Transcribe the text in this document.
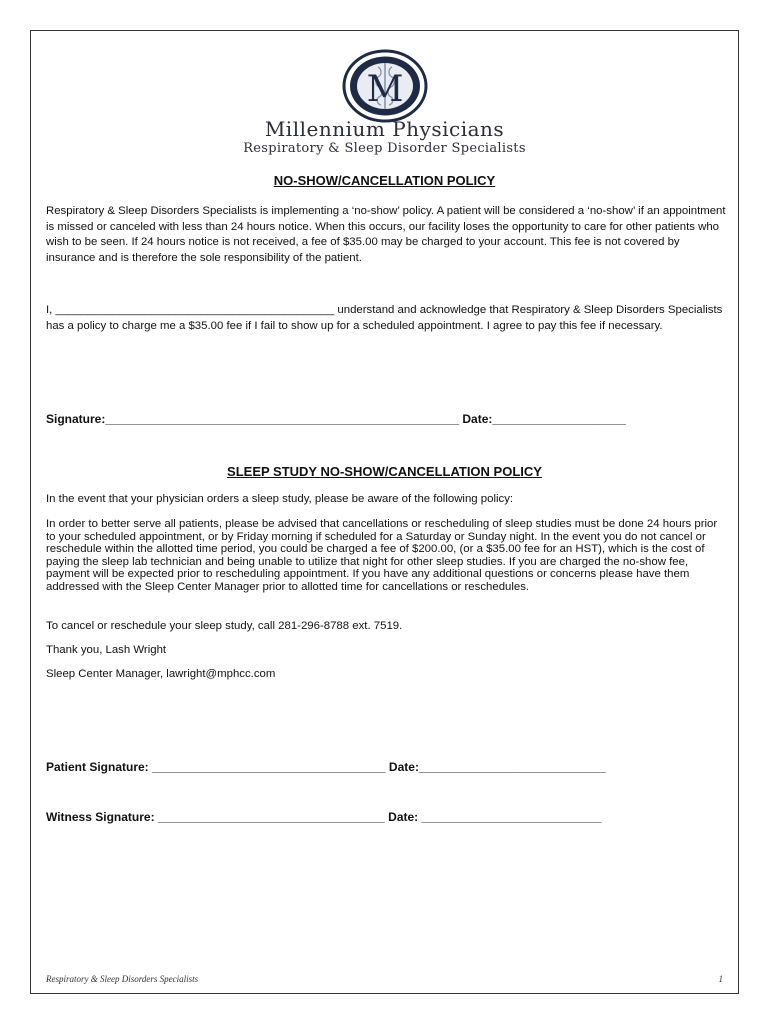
M
Millennium Physicians
Respiratory & Sleep Disorder Specialists
NO-SHOW/CANCELLATION POLICY

Respiratory & Sleep Disorders Specialists is implementing a ‘no-show’ policy. A patient will be considered a ‘no-show’ if an appointment is missed or canceled with less than 24 hours notice. When this occurs, our facility loses the opportunity to care for other patients who wish to be seen. If 24 hours notice is not received, a fee of $35.00 may be charged to your account. This fee is not covered by insurance and is therefore the sole responsibility of the patient.

I, ____________________________________________ understand and acknowledge that Respiratory & Sleep Disorders Specialists has a policy to charge me a $35.00 fee if I fail to show up for a scheduled appointment. I agree to pay this fee if necessary.

Signature:_____________________________________________________ Date:____________________
SLEEP STUDY NO-SHOW/CANCELLATION POLICY

In the event that your physician orders a sleep study, please be aware of the following policy:

In order to better serve all patients, please be advised that cancellations or rescheduling of sleep studies must be done 24 hours prior to your scheduled appointment, or by Friday morning if scheduled for a Saturday or Sunday night. In the event you do not cancel or reschedule within the allotted time period, you could be charged a fee of $200.00, (or a $35.00 fee for an HST), which is the cost of paying the sleep lab technician and being unable to utilize that night for other sleep studies. If you are charged the no-show fee, payment will be expected prior to rescheduling appointment. If you have any additional questions or concerns please have them addressed with the Sleep Center Manager prior to allotted time for cancellations or reschedules.

To cancel or reschedule your sleep study, call 281-296-8788 ext. 7519.

Thank you, Lash Wright

Sleep Center Manager, lawright@mphcc.com

Patient Signature: ___________________________________ Date:____________________________
Witness Signature: __________________________________ Date: ___________________________
Respiratory & Sleep Disorders Specialists	1
